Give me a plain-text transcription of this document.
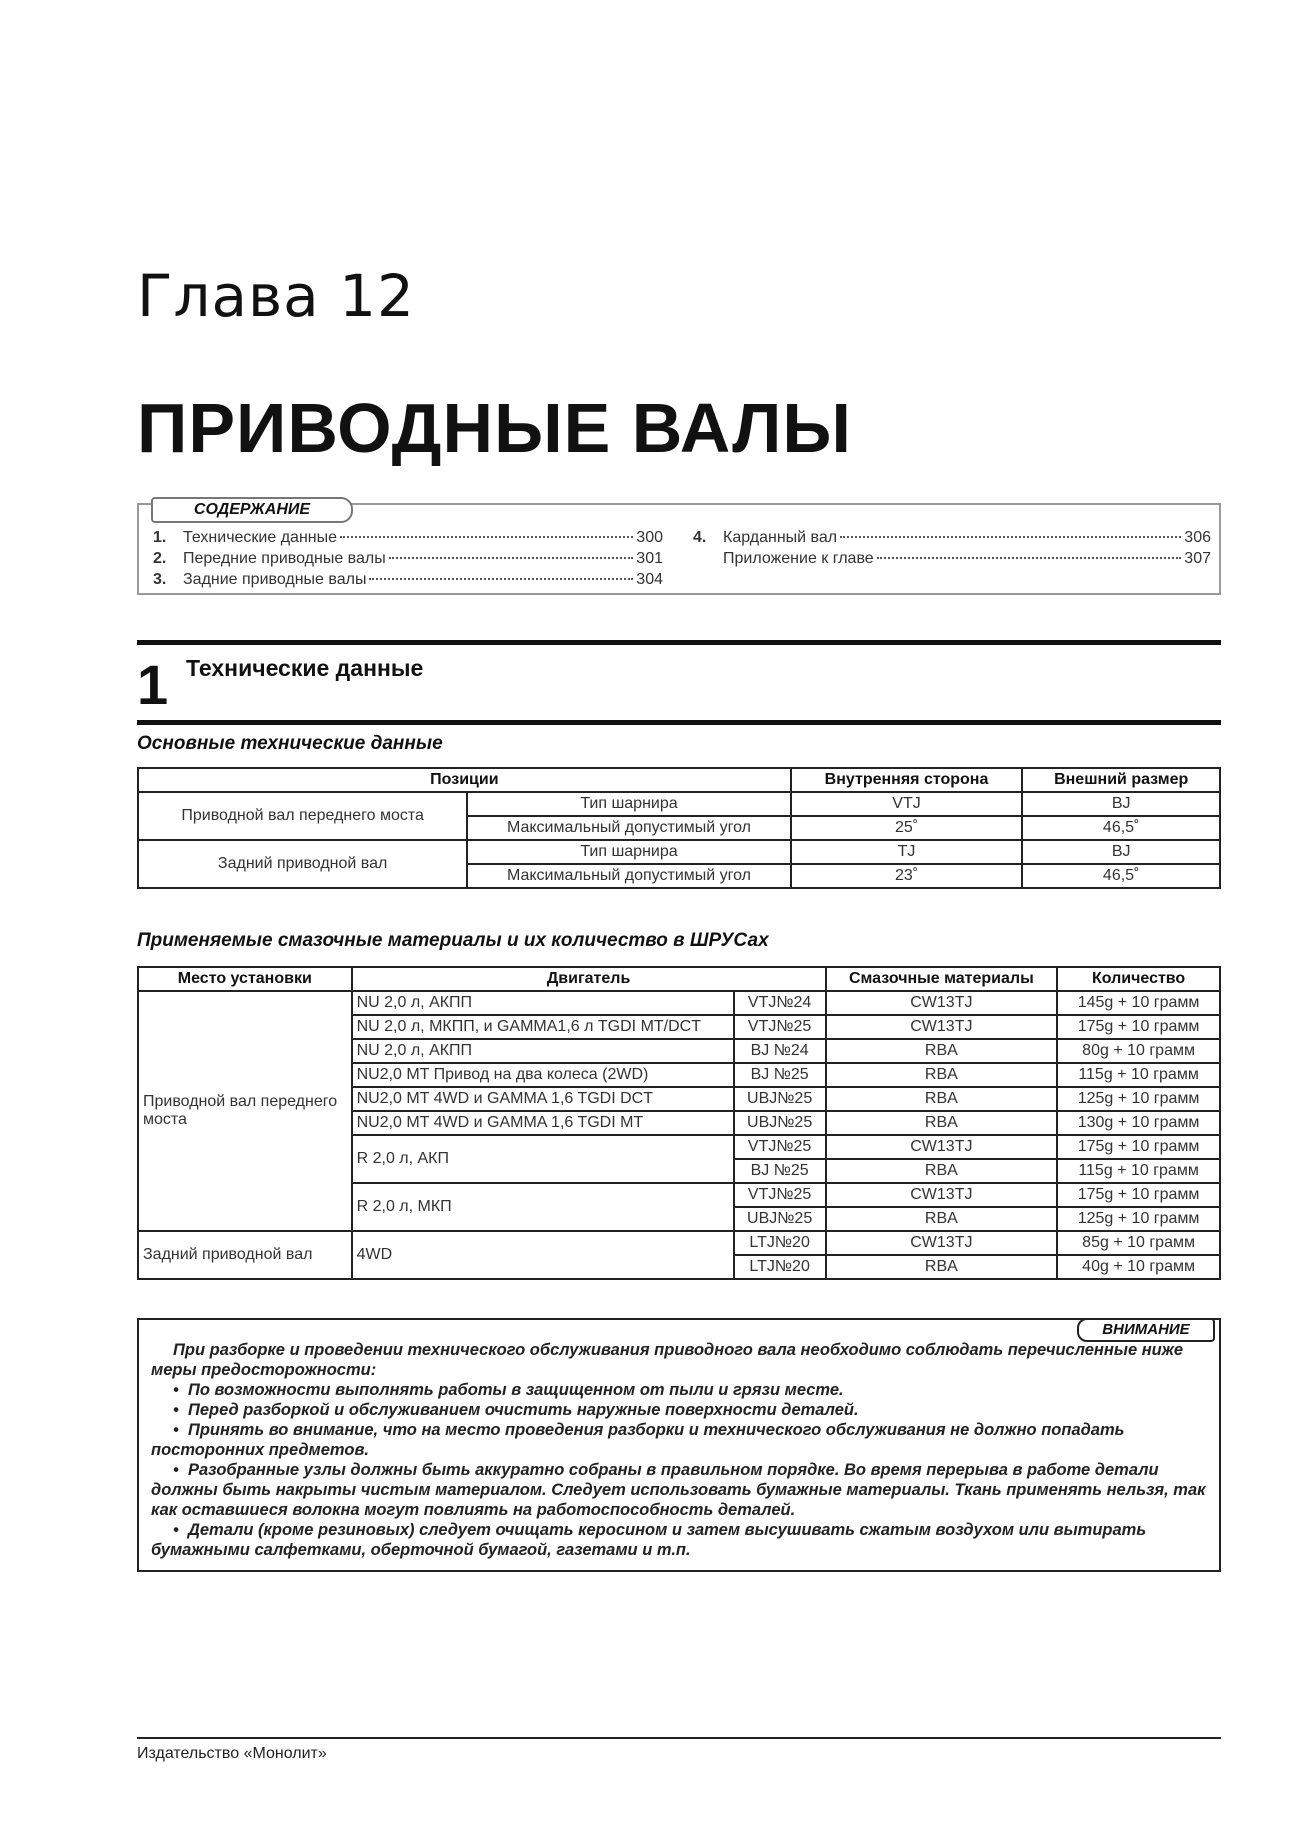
Глава 12
ПРИВОДНЫЕ ВАЛЫ
СОДЕРЖАНИЕ
1.	Технические данные	300
2.	Передние приводные валы	301
3.	Задние приводные валы	304
4.	Карданный вал	306
Приложение к главе	307
1 Технические данные
Основные технические данные
Позиции		Внутренняя сторона	Внешний размер
Приводной вал переднего моста	Тип шарнира	VTJ	BJ
	Максимальный допустимый угол	25˚	46,5˚
Задний приводной вал	Тип шарнира	TJ	BJ
	Максимальный допустимый угол	23˚	46,5˚
Применяемые смазочные материалы и их количество в ШРУСах
Место установки	Двигатель		Смазочные материалы	Количество
Приводной вал переднего моста	NU 2,0 л, АКПП	VTJ№24	CW13TJ	145g + 10 грамм
	NU 2,0 л, МКПП, и GAMMA1,6 л TGDI MT/DCT	VTJ№25	CW13TJ	175g + 10 грамм
	NU 2,0 л, АКПП	BJ №24	RBA	80g + 10 грамм
	NU2,0 MT Привод на два колеса (2WD)	BJ №25	RBA	115g + 10 грамм
	NU2,0 MT 4WD и GAMMA 1,6 TGDI DCT	UBJ№25	RBA	125g + 10 грамм
	NU2,0 MT 4WD и GAMMA 1,6 TGDI MT	UBJ№25	RBA	130g + 10 грамм
	R 2,0 л, АКП	VTJ№25	CW13TJ	175g + 10 грамм
		BJ №25	RBA	115g + 10 грамм
	R 2,0 л, МКП	VTJ№25	CW13TJ	175g + 10 грамм
		UBJ№25	RBA	125g + 10 грамм
Задний приводной вал	4WD	LTJ№20	CW13TJ	85g + 10 грамм
		LTJ№20	RBA	40g + 10 грамм
ВНИМАНИЕ

При разборке и проведении технического обслуживания приводного вала необходимо соблюдать перечисленные ниже меры предосторожности:

•  По возможности выполнять работы в защищенном от пыли и грязи месте.

•  Перед разборкой и обслуживанием очистить наружные поверхности деталей.

•  Принять во внимание, что на место проведения разборки и технического обслуживания не должно попадать посторонних предметов.

•  Разобранные узлы должны быть аккуратно собраны в правильном порядке. Во время перерыва в работе детали должны быть накрыты чистым материалом. Следует использовать бумажные материалы. Ткань применять нельзя, так как оставшиеся волокна могут повлиять на работоспособность деталей.

•  Детали (кроме резиновых) следует очищать керосином и затем высушивать сжатым воздухом или вытирать бумажными салфетками, оберточной бумагой, газетами и т.п.

Издательство «Монолит»
